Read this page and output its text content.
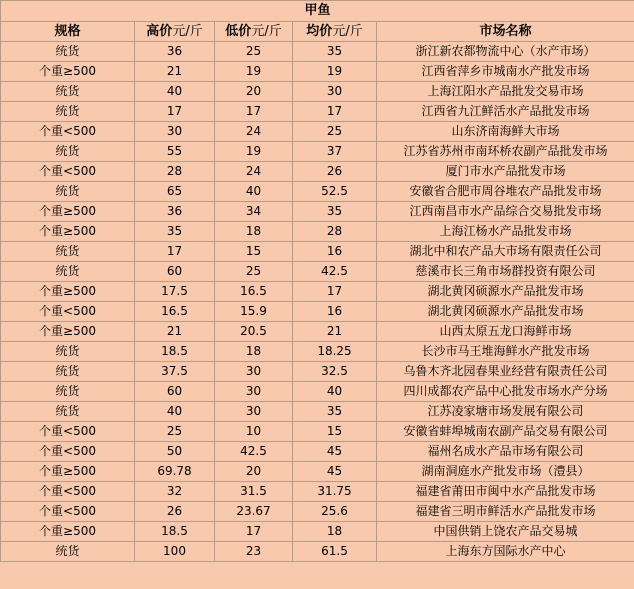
甲鱼				
规格	高价元/斤	低价元/斤	均价元/斤	市场名称
统货	36	25	35	浙江新农都物流中心（水产市场）
个重≥500	21	19	19	江西省萍乡市城南水产批发市场
统货	40	20	30	上海江阳水产品批发交易市场
统货	17	17	17	江西省九江鲜活水产品批发市场
个重<500	30	24	25	山东济南海鲜大市场
统货	55	19	37	江苏省苏州市南环桥农副产品批发市场
个重<500	28	24	26	厦门市水产品批发市场
统货	65	40	52.5	安徽省合肥市周谷堆农产品批发市场
个重≥500	36	34	35	江西南昌市水产品综合交易批发市场
个重≥500	35	18	28	上海江杨水产品批发市场
统货	17	15	16	湖北中和农产品大市场有限责任公司
统货	60	25	42.5	慈溪市长三角市场群投资有限公司
个重≥500	17.5	16.5	17	湖北黄冈硕源水产品批发市场
个重<500	16.5	15.9	16	湖北黄冈硕源水产品批发市场
个重≥500	21	20.5	21	山西太原五龙口海鲜市场
统货	18.5	18	18.25	长沙市马王堆海鲜水产批发市场
统货	37.5	30	32.5	乌鲁木齐北园春果业经营有限责任公司
统货	60	30	40	四川成都农产品中心批发市场水产分场
统货	40	30	35	江苏凌家塘市场发展有限公司
个重<500	25	10	15	安徽省蚌埠城南农副产品交易有限公司
个重<500	50	42.5	45	福州名成水产品市场有限公司
个重≥500	69.78	20	45	湖南洞庭水产批发市场（澧县）
个重<500	32	31.5	31.75	福建省莆田市闽中水产品批发市场
个重<500	26	23.67	25.6	福建省三明市鲜活水产品批发市场
个重≥500	18.5	17	18	中国供销上饶农产品交易城
统货	100	23	61.5	上海东方国际水产中心
